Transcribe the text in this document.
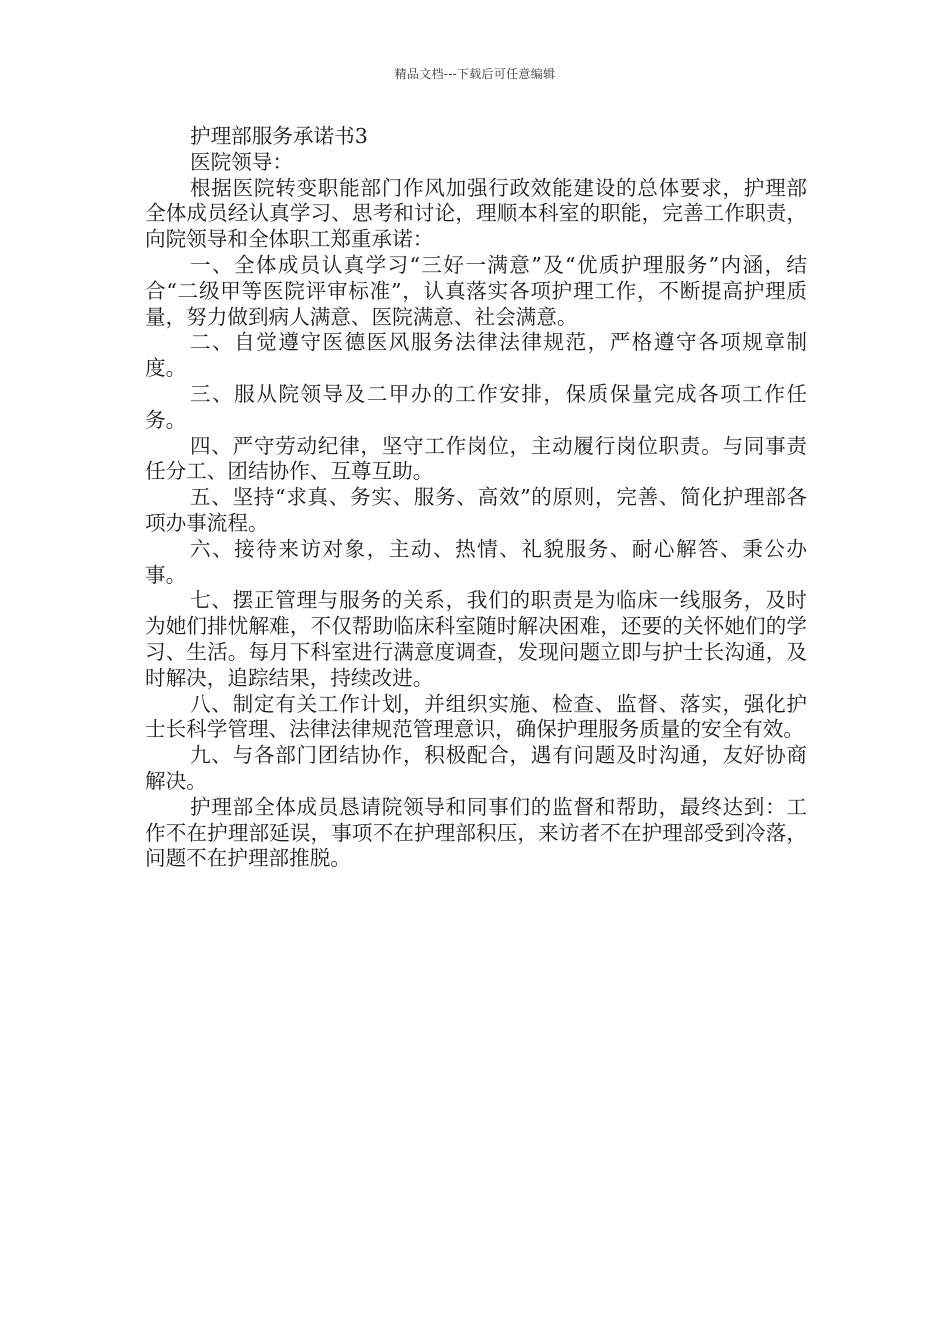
精品文档---下载后可任意编辑

护理部服务承诺书3

医院领导：

根据医院转变职能部门作风加强行政效能建设的总体要求，护理部全体成员经认真学习、思考和讨论，理顺本科室的职能，完善工作职责，向院领导和全体职工郑重承诺：

一、全体成员认真学习“三好一满意”及“优质护理服务”内涵，结合“二级甲等医院评审标准”，认真落实各项护理工作，不断提高护理质量，努力做到病人满意、医院满意、社会满意。

二、自觉遵守医德医风服务法律法律规范，严格遵守各项规章制度。

三、服从院领导及二甲办的工作安排，保质保量完成各项工作任务。

四、严守劳动纪律，坚守工作岗位，主动履行岗位职责。与同事责任分工、团结协作、互尊互助。

五、坚持“求真、务实、服务、高效”的原则，完善、简化护理部各项办事流程。

六、接待来访对象，主动、热情、礼貌服务、耐心解答、秉公办事。

七、摆正管理与服务的关系，我们的职责是为临床一线服务，及时为她们排忧解难，不仅帮助临床科室随时解决困难，还要的关怀她们的学习、生活。每月下科室进行满意度调查，发现问题立即与护士长沟通，及时解决，追踪结果，持续改进。

八、制定有关工作计划，并组织实施、检查、监督、落实，强化护士长科学管理、法律法律规范管理意识，确保护理服务质量的安全有效。

九、与各部门团结协作，积极配合，遇有问题及时沟通，友好协商解决。

护理部全体成员恳请院领导和同事们的监督和帮助，最终达到：工作不在护理部延误，事项不在护理部积压，来访者不在护理部受到冷落，问题不在护理部推脱。
